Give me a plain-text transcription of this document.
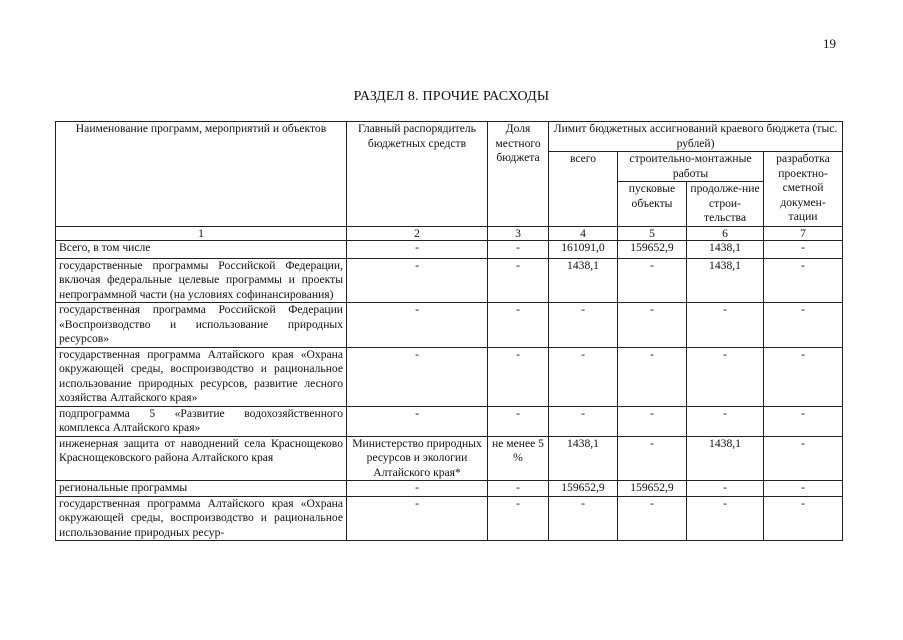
19
РАЗДЕЛ 8. ПРОЧИЕ РАСХОДЫ
Наименование программ, мероприятий и объектов	Главный распорядитель бюджетных средств	Доля местного бюджета	Лимит бюджетных ассигнований краевого бюджета (тыс. рублей)			
			всего	строительно-монтажные работы		разработка проектно-сметной докумен-тации
				пусковые объекты	продолже-ние строи-тельства	

1	2	3	4	5	6	7
Всего, в том числе	-	-	161091,0	159652,9	1438,1	-
государственные программы Российской Федерации, включая федеральные целевые программы и проекты непрограммной части (на условиях софинансирования)	-	-	1438,1	-	1438,1	-
государственная программа Российской Федерации «Воспроизводство и использование природных ресурсов»	-	-	-	-	-	-
государственная программа Алтайского края «Охрана окружающей среды, воспроизводство и рациональное использование природных ресурсов, развитие лесного хозяйства Алтайского края»	-	-	-	-	-	-
подпрограмма 5 «Развитие водохозяйственного комплекса Алтайского края»	-	-	-	-	-	-
инженерная защита от наводнений села Краснощеково Краснощековского района Алтайского края	Министерство природных ресурсов и экологии Алтайского края*	не менее 5 %	1438,1	-	1438,1	-
региональные программы	-	-	159652,9	159652,9	-	-
государственная программа Алтайского края «Охрана окружающей среды, воспроизводство и рациональное использование природных ресур-	-	-	-	-	-	-
